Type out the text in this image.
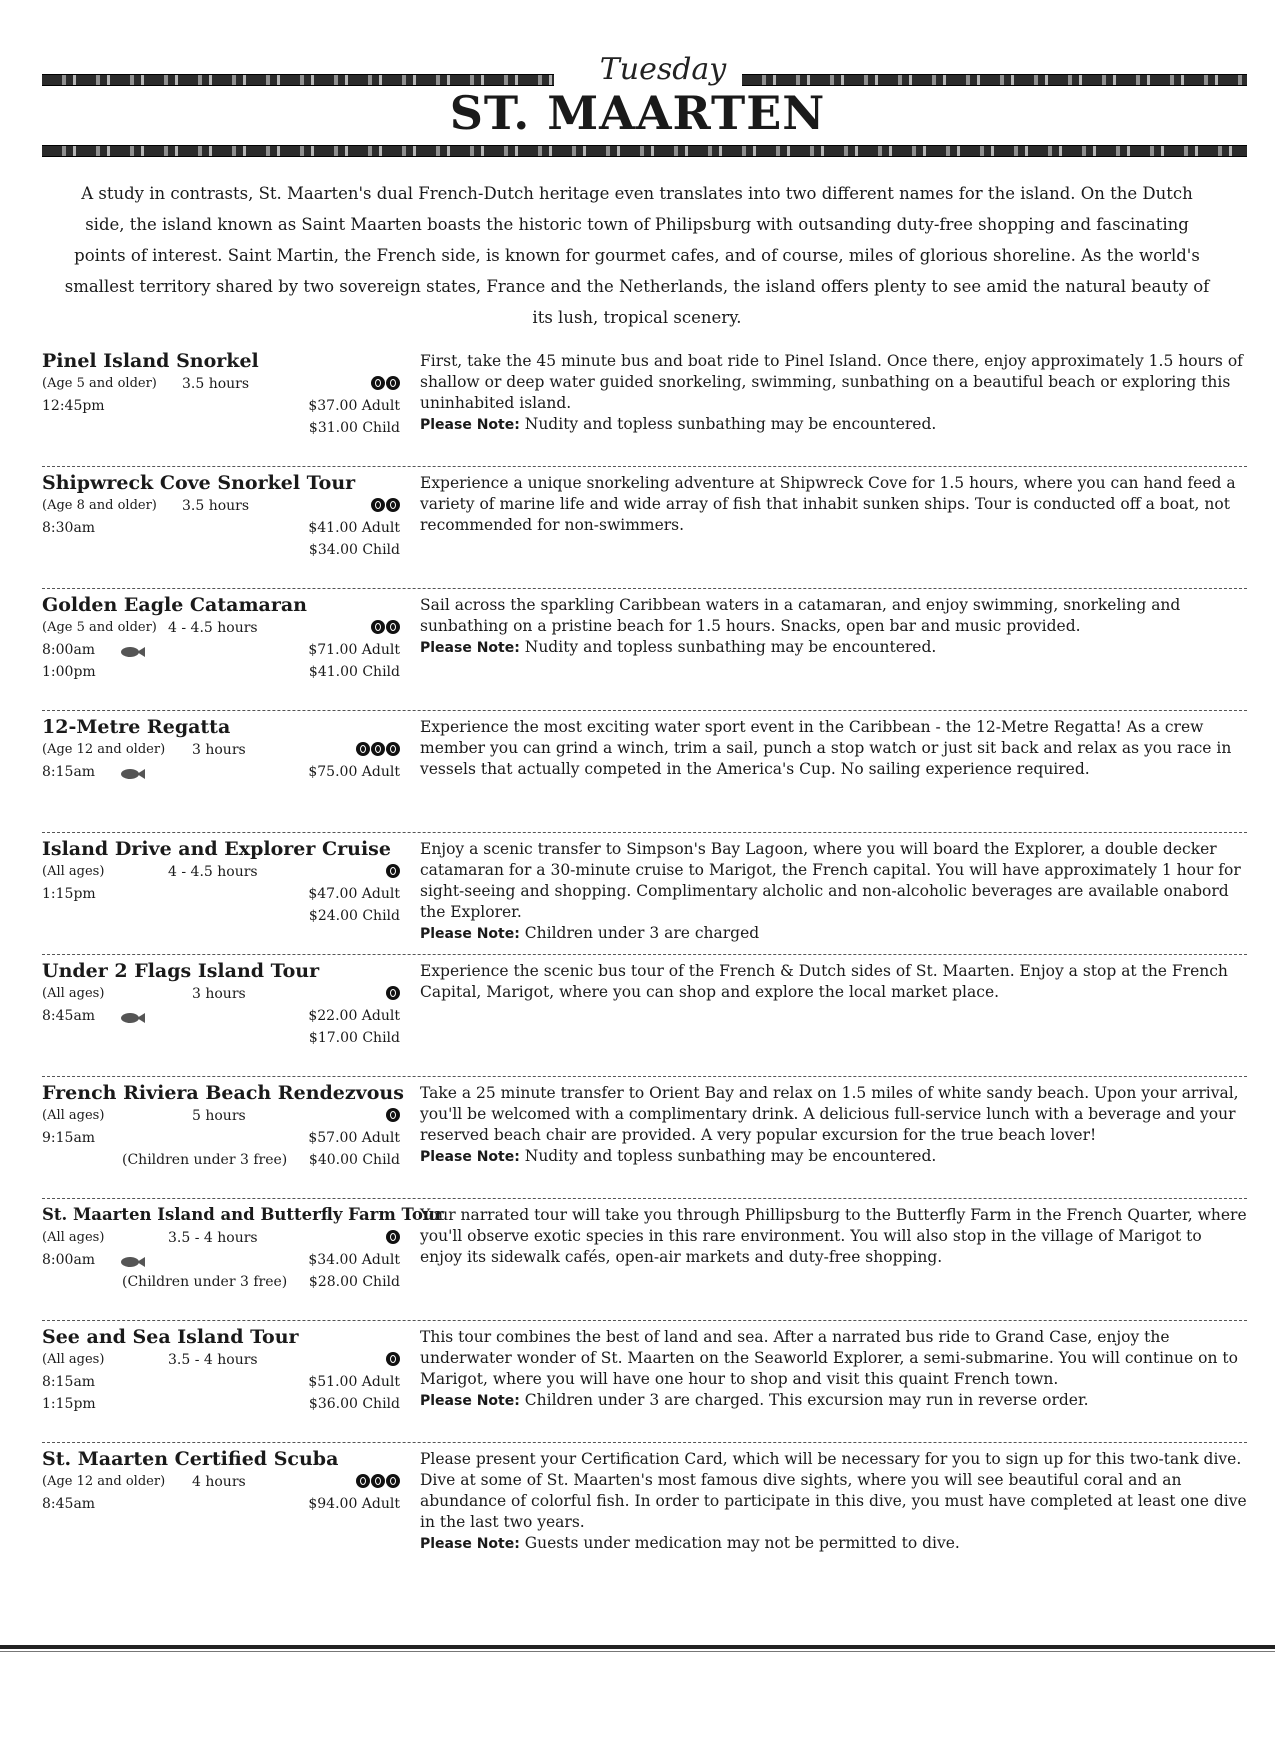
Tuesday
ST. MAARTEN

A study in contrasts, St. Maarten's dual French-Dutch heritage even translates into two different names for the island. On the Dutch side, the island known as Saint Maarten boasts the historic town of Philipsburg with outsanding duty-free shopping and fascinating points of interest. Saint Martin, the French side, is known for gourmet cafes, and of course, miles of glorious shoreline. As the world's smallest territory shared by two sovereign states, France and the Netherlands, the island offers plenty to see amid the natural beauty of its lush, tropical scenery.

Pinel Island Snorkel
(Age 5 and older) 3.5 hours
12:45pm	$37.00 Adult
$31.00 Child
First, take the 45 minute bus and boat ride to Pinel Island. Once there, enjoy approximately 1.5 hours of shallow or deep water guided snorkeling, swimming, sunbathing on a beautiful beach or exploring this uninhabited island.
Please Note: Nudity and topless sunbathing may be encountered.
Shipwreck Cove Snorkel Tour
(Age 8 and older) 3.5 hours
8:30am	$41.00 Adult
$34.00 Child
Experience a unique snorkeling adventure at Shipwreck Cove for 1.5 hours, where you can hand feed a variety of marine life and wide array of fish that inhabit sunken ships. Tour is conducted off a boat, not recommended for non-swimmers.
Golden Eagle Catamaran
(Age 5 and older) 4 - 4.5 hours
8:00am	$71.00 Adult
1:00pm	$41.00 Child
Sail across the sparkling Caribbean waters in a catamaran, and enjoy swimming, snorkeling and sunbathing on a pristine beach for 1.5 hours. Snacks, open bar and music provided.
Please Note: Nudity and topless sunbathing may be encountered.
12-Metre Regatta
(Age 12 and older) 3 hours
8:15am	$75.00 Adult
Experience the most exciting water sport event in the Caribbean - the 12-Metre Regatta! As a crew member you can grind a winch, trim a sail, punch a stop watch or just sit back and relax as you race in vessels that actually competed in the America's Cup. No sailing experience required.
Island Drive and Explorer Cruise
(All ages)	4 - 4.5 hours
1:15pm	$47.00 Adult
$24.00 Child
Enjoy a scenic transfer to Simpson's Bay Lagoon, where you will board the Explorer, a double decker catamaran for a 30-minute cruise to Marigot, the French capital. You will have approximately 1 hour for sight-seeing and shopping. Complimentary alcholic and non-alcoholic beverages are available onabord the Explorer.
Please Note: Children under 3 are charged
Under 2 Flags Island Tour
(All ages)	3 hours
8:45am	$22.00 Adult
$17.00 Child
Experience the scenic bus tour of the French & Dutch sides of St. Maarten. Enjoy a stop at the French Capital, Marigot, where you can shop and explore the local market place.
French Riviera Beach Rendezvous
(All ages)	5 hours
9:15am	$57.00 Adult
(Children under 3 free) $40.00 Child
Take a 25 minute transfer to Orient Bay and relax on 1.5 miles of white sandy beach. Upon your arrival, you'll be welcomed with a complimentary drink. A delicious full-service lunch with a beverage and your reserved beach chair are provided. A very popular excursion for the true beach lover!
Please Note: Nudity and topless sunbathing may be encountered.
St. Maarten Island and Butterfly Farm Tour
(All ages)	3.5 - 4 hours
8:00am	$34.00 Adult
(Children under 3 free) $28.00 Child
Your narrated tour will take you through Phillipsburg to the Butterfly Farm in the French Quarter, where you'll observe exotic species in this rare environment. You will also stop in the village of Marigot to enjoy its sidewalk cafés, open-air markets and duty-free shopping.
See and Sea Island Tour
(All ages)	3.5 - 4 hours
8:15am	$51.00 Adult
1:15pm	$36.00 Child
This tour combines the best of land and sea. After a narrated bus ride to Grand Case, enjoy the underwater wonder of St. Maarten on the Seaworld Explorer, a semi-submarine. You will continue on to Marigot, where you will have one hour to shop and visit this quaint French town.
Please Note: Children under 3 are charged. This excursion may run in reverse order.
St. Maarten Certified Scuba
(Age 12 and older) 4 hours
8:45am	$94.00 Adult
Please present your Certification Card, which will be necessary for you to sign up for this two-tank dive. Dive at some of St. Maarten's most famous dive sights, where you will see beautiful coral and an abundance of colorful fish. In order to participate in this dive, you must have completed at least one dive in the last two years.
Please Note: Guests under medication may not be permitted to dive.
